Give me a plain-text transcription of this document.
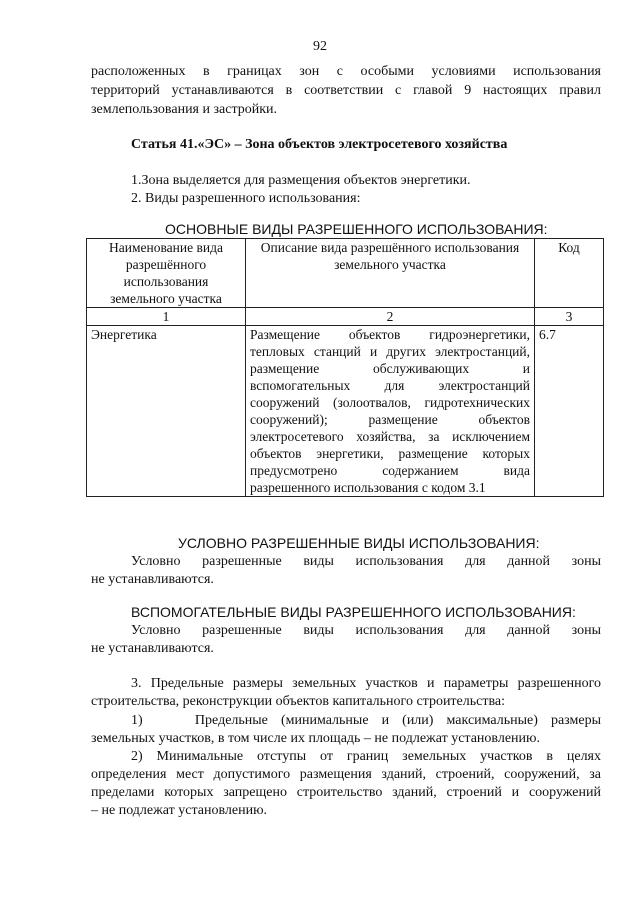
92
расположенных в границах зон с особыми условиями использования
территорий устанавливаются в соответствии с главой 9 настоящих правил
землепользования и застройки.
Статья 41.«ЭС» – Зона объектов электросетевого хозяйства
1.Зона выделяется для размещения объектов энергетики.
2. Виды разрешенного использования:
ОСНОВНЫЕ ВИДЫ РАЗРЕШЕННОГО ИСПОЛЬЗОВАНИЯ:
Наименование вида разрешённого использования земельного участка	Описание вида разрешённого использования земельного участка	Код
1	2	3
Энергетика	Размещение объектов гидроэнергетики, тепловых станций и других электростанций, размещение обслуживающих и вспомогательных для электростанций сооружений (золоотвалов, гидротехнических сооружений); размещение объектов электросетевого хозяйства, за исключением объектов энергетики, размещение которых предусмотрено содержанием вида разрешенного использования с кодом 3.1	6.7
УСЛОВНО РАЗРЕШЕННЫЕ ВИДЫ ИСПОЛЬЗОВАНИЯ:
Условно разрешенные виды использования для данной зоны
не устанавливаются.
ВСПОМОГАТЕЛЬНЫЕ ВИДЫ РАЗРЕШЕННОГО ИСПОЛЬЗОВАНИЯ:
Условно разрешенные виды использования для данной зоны
не устанавливаются.
3. Предельные размеры земельных участков и параметры разрешенного
строительства, реконструкции объектов капитального строительства:
1)    Предельные (минимальные и (или) максимальные) размеры
земельных участков, в том числе их площадь – не подлежат установлению.
2) Минимальные отступы от границ земельных участков в целях
определения мест допустимого размещения зданий, строений, сооружений, за
пределами которых запрещено строительство зданий, строений и сооружений
– не подлежат установлению.
